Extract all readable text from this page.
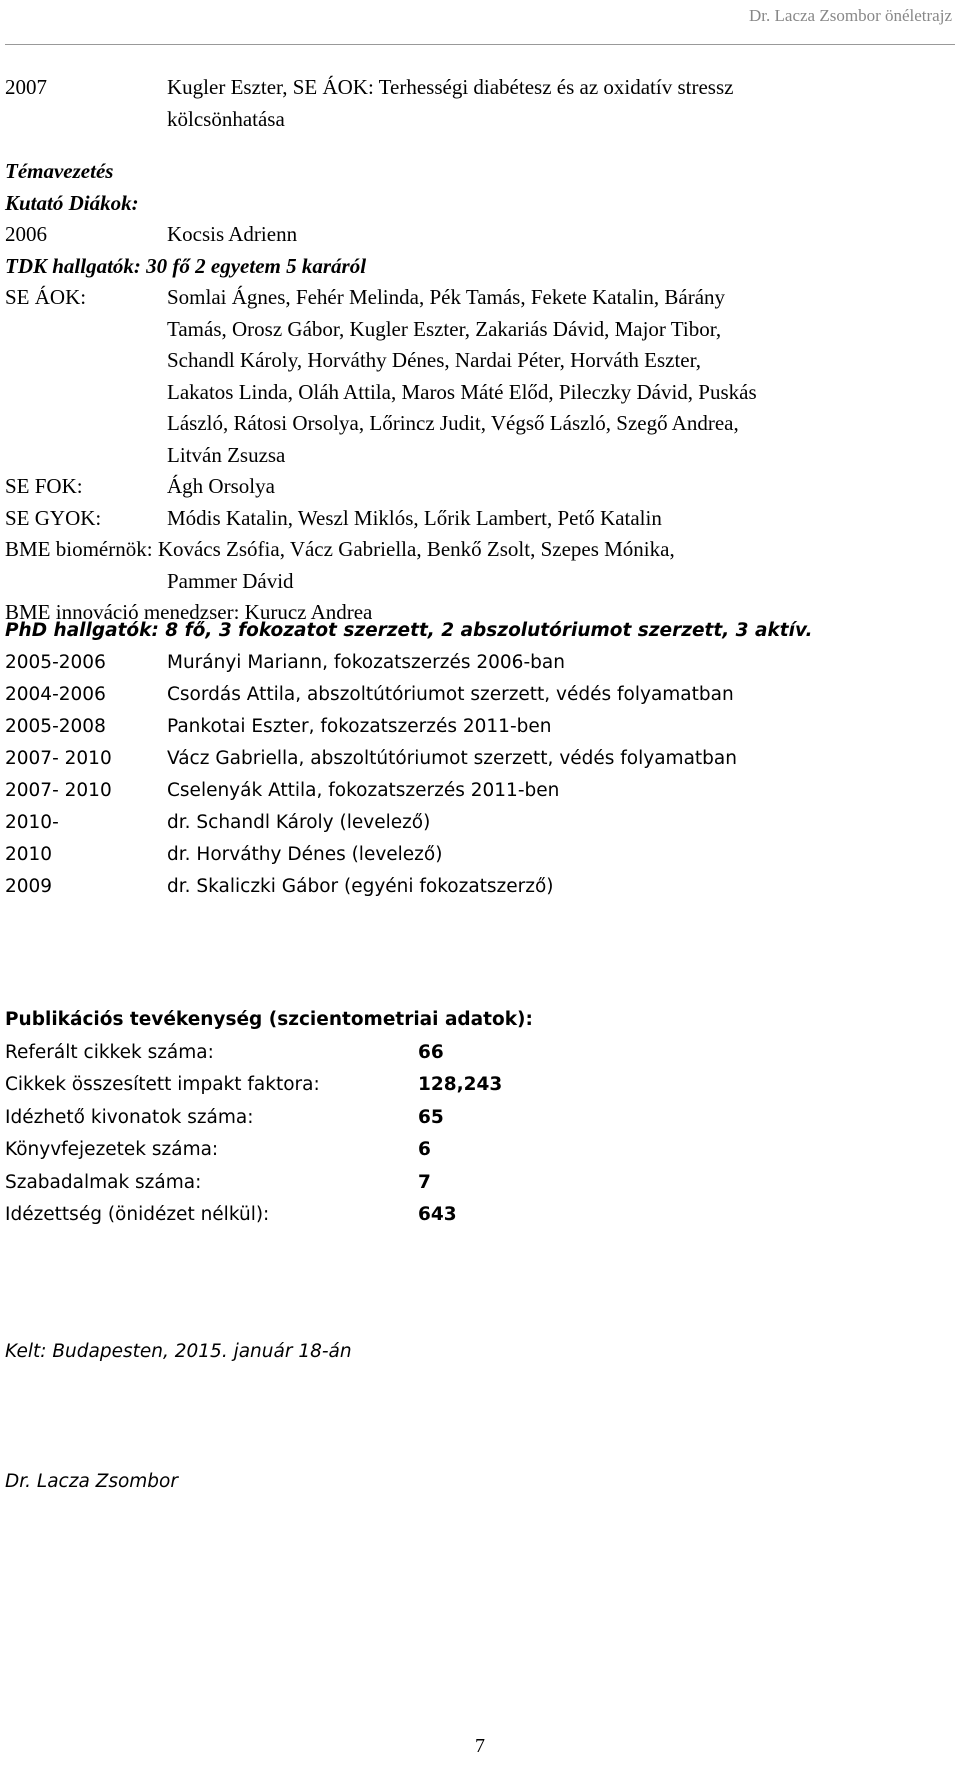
Dr. Lacza Zsombor önéletrajz
2007	Kugler Eszter, SE ÁOK: Terhességi diabétesz és az oxidatív stressz
kölcsönhatása
Témavezetés
Kutató Diákok:
2006	Kocsis Adrienn
TDK hallgatók: 30 fő 2 egyetem 5 karáról
SE ÁOK:	Somlai Ágnes, Fehér Melinda, Pék Tamás, Fekete Katalin, Bárány
Tamás, Orosz Gábor, Kugler Eszter, Zakariás Dávid, Major Tibor,
Schandl Károly, Horváthy Dénes, Nardai Péter, Horváth Eszter,
Lakatos Linda, Oláh Attila, Maros Máté Előd, Pileczky Dávid, Puskás
László, Rátosi Orsolya, Lőrincz Judit, Végső László, Szegő Andrea,
Litván Zsuzsa
SE FOK:	Ágh Orsolya
SE GYOK:	Módis Katalin, Weszl Miklós, Lőrik Lambert, Pető Katalin
BME biomérnök: Kovács Zsófia, Vácz Gabriella, Benkő Zsolt, Szepes Mónika,
Pammer Dávid
BME innováció menedzser: Kurucz Andrea
PhD hallgatók: 8 fő, 3 fokozatot szerzett, 2 abszolutóriumot szerzett, 3 aktív.
2005-2006	Murányi Mariann, fokozatszerzés 2006-ban
2004-2006	Csordás Attila, abszoltútóriumot szerzett, védés folyamatban
2005-2008	Pankotai Eszter, fokozatszerzés 2011-ben
2007- 2010	Vácz Gabriella, abszoltútóriumot szerzett, védés folyamatban
2007- 2010	Cselenyák Attila, fokozatszerzés 2011-ben
2010-	dr. Schandl Károly (levelező)
2010	dr. Horváthy Dénes (levelező)
2009	dr. Skaliczki Gábor (egyéni fokozatszerző)
Publikációs tevékenység (szcientometriai adatok):
Referált cikkek száma:	66
Cikkek összesített impakt faktora:	128,243
Idézhető kivonatok száma:	65
Könyvfejezetek száma:	6
Szabadalmak száma:	7
Idézettség (önidézet nélkül):	643
Kelt: Budapesten, 2015. január 18-án
Dr. Lacza Zsombor
7
